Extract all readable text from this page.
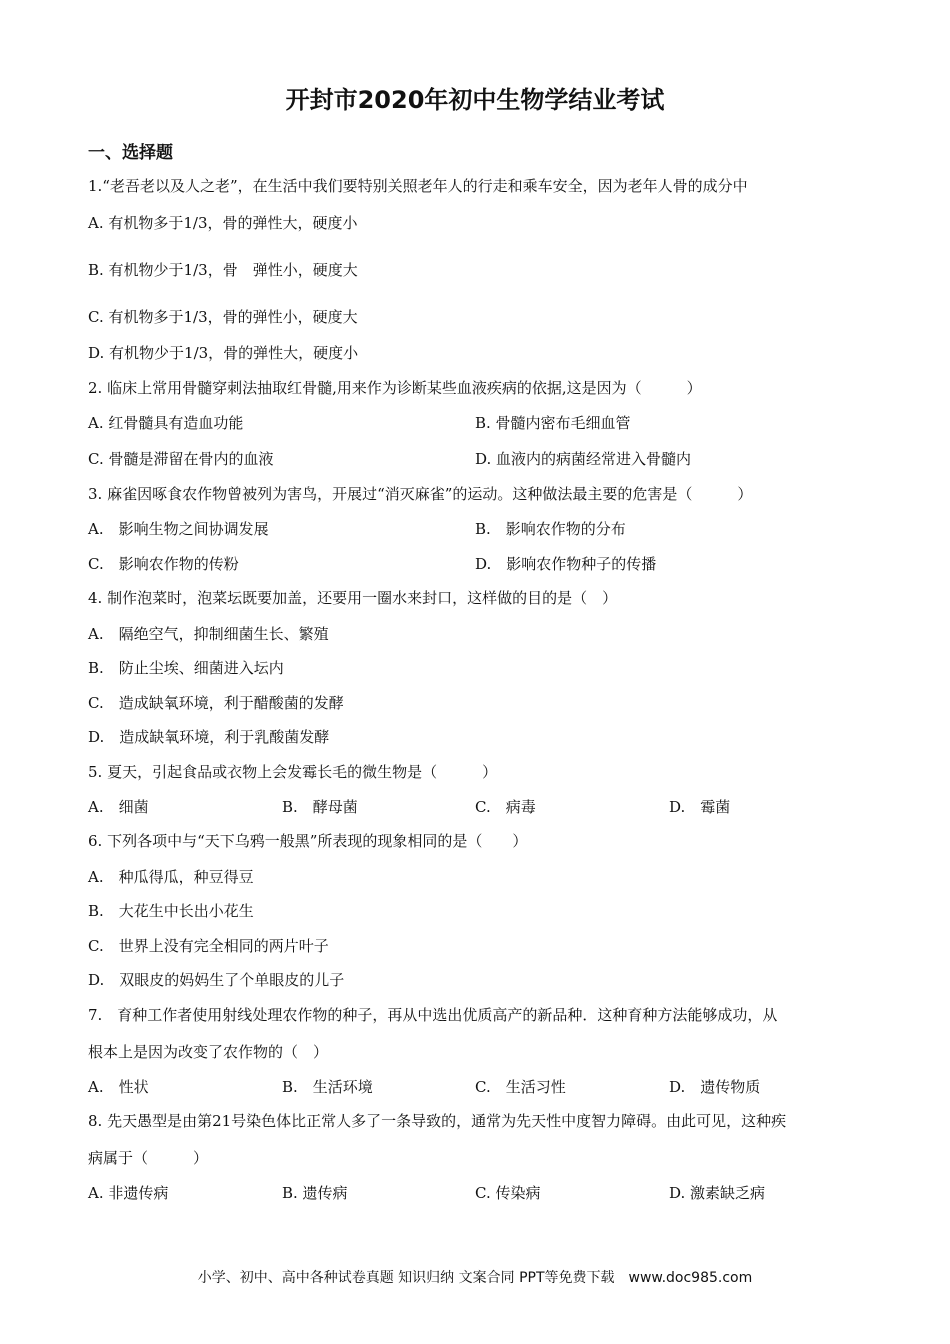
开封市2020年初中生物学结业考试
一、选择题
1.“老吾老以及人之老”，在生活中我们要特别关照老年人的行走和乘车安全，因为老年人骨的成分中
A. 有机物多于1/3，骨的弹性大，硬度小
B. 有机物少于1/3，骨　弹性小，硬度大
C. 有机物多于1/3，骨的弹性小，硬度大
D. 有机物少于1/3，骨的弹性大，硬度小
2. 临床上常用骨髓穿刺法抽取红骨髓,用来作为诊断某些血液疾病的依据,这是因为（　　　）
A. 红骨髓具有造血功能	B. 骨髓内密布毛细血管
C. 骨髓是滞留在骨内的血液	D. 血液内的病菌经常进入骨髓内
3. 麻雀因啄食农作物曾被列为害鸟，开展过“消灭麻雀”的运动。这种做法最主要的危害是（　　　）
A.　影响生物之间协调发展	B.　影响农作物的分布
C.　影响农作物的传粉	D.　影响农作物种子的传播
4. 制作泡菜时，泡菜坛既要加盖，还要用一圈水来封口，这样做的目的是（　）
A.　隔绝空气，抑制细菌生长、繁殖
B.　防止尘埃、细菌进入坛内
C.　造成缺氧环境，利于醋酸菌的发酵
D.　造成缺氧环境，利于乳酸菌发酵
5. 夏天，引起食品或衣物上会发霉长毛的微生物是（　　　）
A.　细菌	B.　酵母菌	C.　病毒	D.　霉菌
6. 下列各项中与“天下乌鸦一般黑”所表现的现象相同的是（　　）
A.　种瓜得瓜，种豆得豆
B.　大花生中长出小花生
C.　世界上没有完全相同的两片叶子
D.　双眼皮的妈妈生了个单眼皮的儿子
7.　育种工作者使用射线处理农作物的种子，再从中选出优质高产的新品种．这种育种方法能够成功，从
根本上是因为改变了农作物的（　）
A.　性状	B.　生活环境	C.　生活习性	D.　遗传物质
8. 先天愚型是由第21号染色体比正常人多了一条导致的，通常为先天性中度智力障碍。由此可见，这种疾
病属于（　　　）
A. 非遗传病	B. 遗传病	C. 传染病	D. 激素缺乏病
小学、初中、高中各种试卷真题 知识归纳 文案合同 PPT等免费下载　www.doc985.com
